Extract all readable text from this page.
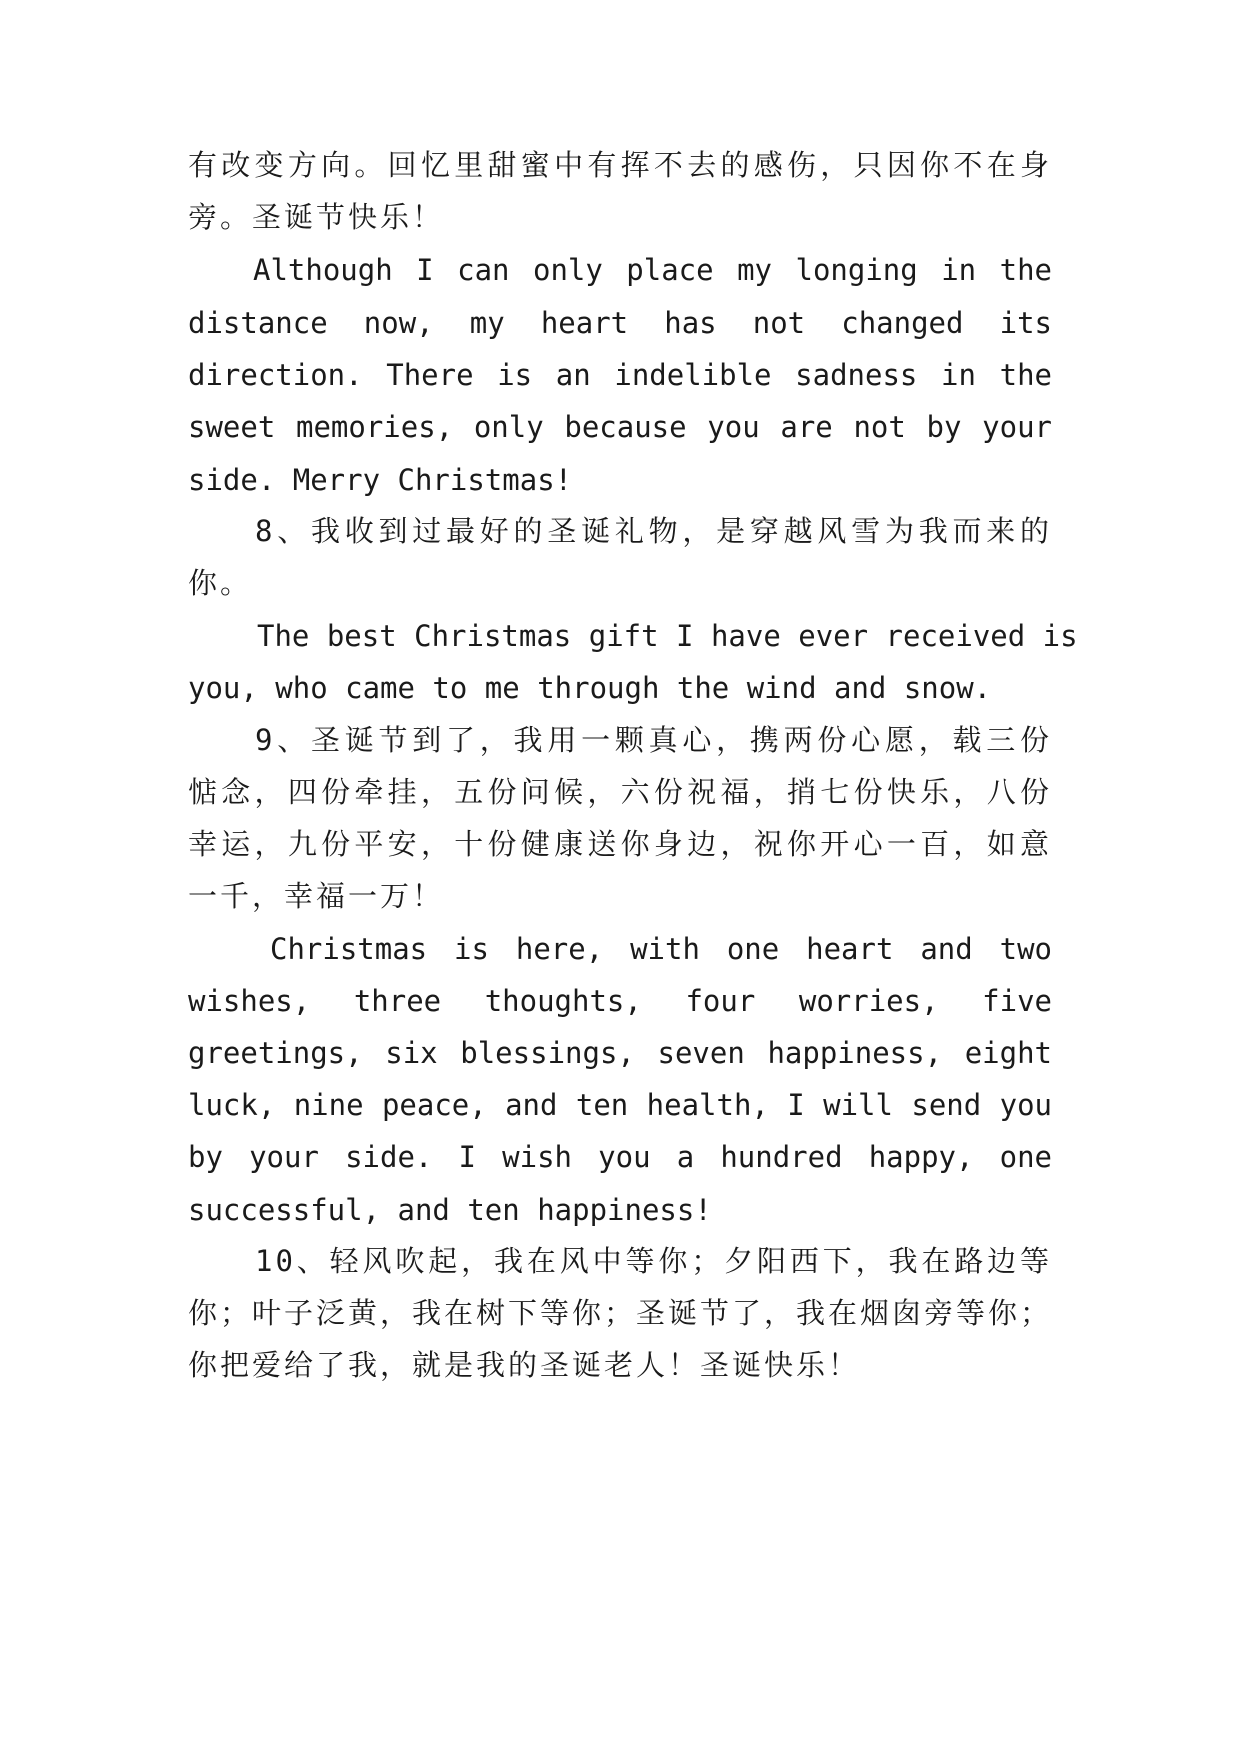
有改变方向。回忆里甜蜜中有挥不去的感伤，只因你不在身
旁。圣诞节快乐！
Although I can only place my longing in the
distance now, my heart has not changed its
direction. There is an indelible sadness in the
sweet memories, only because you are not by your
side. Merry Christmas!
8、我收到过最好的圣诞礼物，是穿越风雪为我而来的
你。
The best Christmas gift I have ever received is
you, who came to me through the wind and snow.
9、圣诞节到了，我用一颗真心，携两份心愿，载三份
惦念，四份牵挂，五份问候，六份祝福，捎七份快乐，八份
幸运，九份平安，十份健康送你身边，祝你开心一百，如意
一千，幸福一万！
Christmas is here, with one heart and two
wishes, three thoughts, four worries, five
greetings, six blessings, seven happiness, eight
luck, nine peace, and ten health, I will send you
by your side. I wish you a hundred happy, one
successful, and ten happiness!
10、轻风吹起，我在风中等你；夕阳西下，我在路边等
你；叶子泛黄，我在树下等你；圣诞节了，我在烟囱旁等你；
你把爱给了我，就是我的圣诞老人！圣诞快乐！
